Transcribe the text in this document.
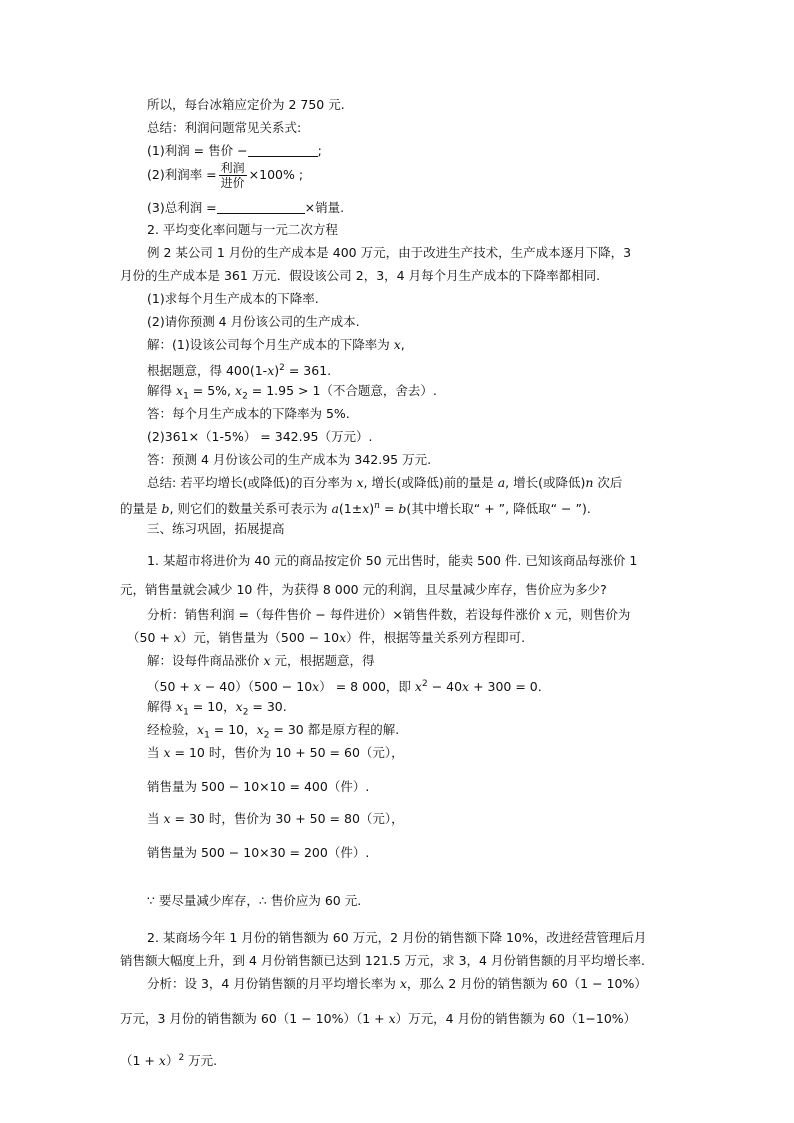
所以，每台冰箱应定价为 2 750 元.
总结：利润问题常见关系式:
(1)利润 = 售价 −	;
(2)利润率 = $\frac{\text{利润}}{\text{进价}} \times 100\%$ ;
(3)总利润 =	×销量.
2. 平均变化率问题与一元二次方程
例 2 某公司 1 月份的生产成本是 400 万元，由于改进生产技术，生产成本逐月下降，3
月份的生产成本是 361 万元．假设该公司 2，3，4 月每个月生产成本的下降率都相同.
(1)求每个月生产成本的下降率.
(2)请你预测 4 月份该公司的生产成本.
解：(1)设该公司每个月生产成本的下降率为 x,
根据题意，得 $400(1-x)^2 = 361$.
解得 $x_1 = 5\%$, $x_2 = 1.95 > 1$（不合题意，舍去）.
答：每个月生产成本的下降率为 5%.
(2)361×（1-5%） = 342.95（万元）.
答：预测 4 月份该公司的生产成本为 342.95 万元.
总结: 若平均增长(或降低)的百分率为 x, 增长(或降低)前的量是 a, 增长(或降低)n 次后
的量是 b, 则它们的数量关系可表示为 $a(1\pm x)^n = b$(其中增长取“ + ”, 降低取“ − ”).
三、练习巩固，拓展提高
1. 某超市将进价为 40 元的商品按定价 50 元出售时，能卖 500 件. 已知该商品每涨价 1
元，销售量就会减少 10 件，为获得 8 000 元的利润，且尽量减少库存，售价应为多少?
分析：销售利润 =（每件售价 − 每件进价）×销售件数，若设每件涨价 x 元，则售价为
（50 + x）元，销售量为（500 − 10x）件，根据等量关系列方程即可.
解：设每件商品涨价 x 元，根据题意，得
（50 + x − 40）（500 − 10x） = 8 000，即 $x^2 - 40x + 300 = 0$.
解得 $x_1 = 10$，$x_2 = 30$.
经检验，$x_1 = 10$，$x_2 = 30$ 都是原方程的解.
当 x = 10 时，售价为 10 + 50 = 60（元），
销售量为 500 − 10×10 = 400（件）.
当 x = 30 时，售价为 30 + 50 = 80（元），
销售量为 500 − 10×30 = 200（件）.
∵ 要尽量减少库存，∴ 售价应为 60 元.
2. 某商场今年 1 月份的销售额为 60 万元，2 月份的销售额下降 10%，改进经营管理后月
销售额大幅度上升，到 4 月份销售额已达到 121.5 万元，求 3，4 月份销售额的月平均增长率.
分析：设 3，4 月份销售额的月平均增长率为 x，那么 2 月份的销售额为 60（1 − 10%）
万元，3 月份的销售额为 60（1 − 10%）（1 + x）万元，4 月份的销售额为 60（1−10%）
$(1 + x)^2$ 万元.
